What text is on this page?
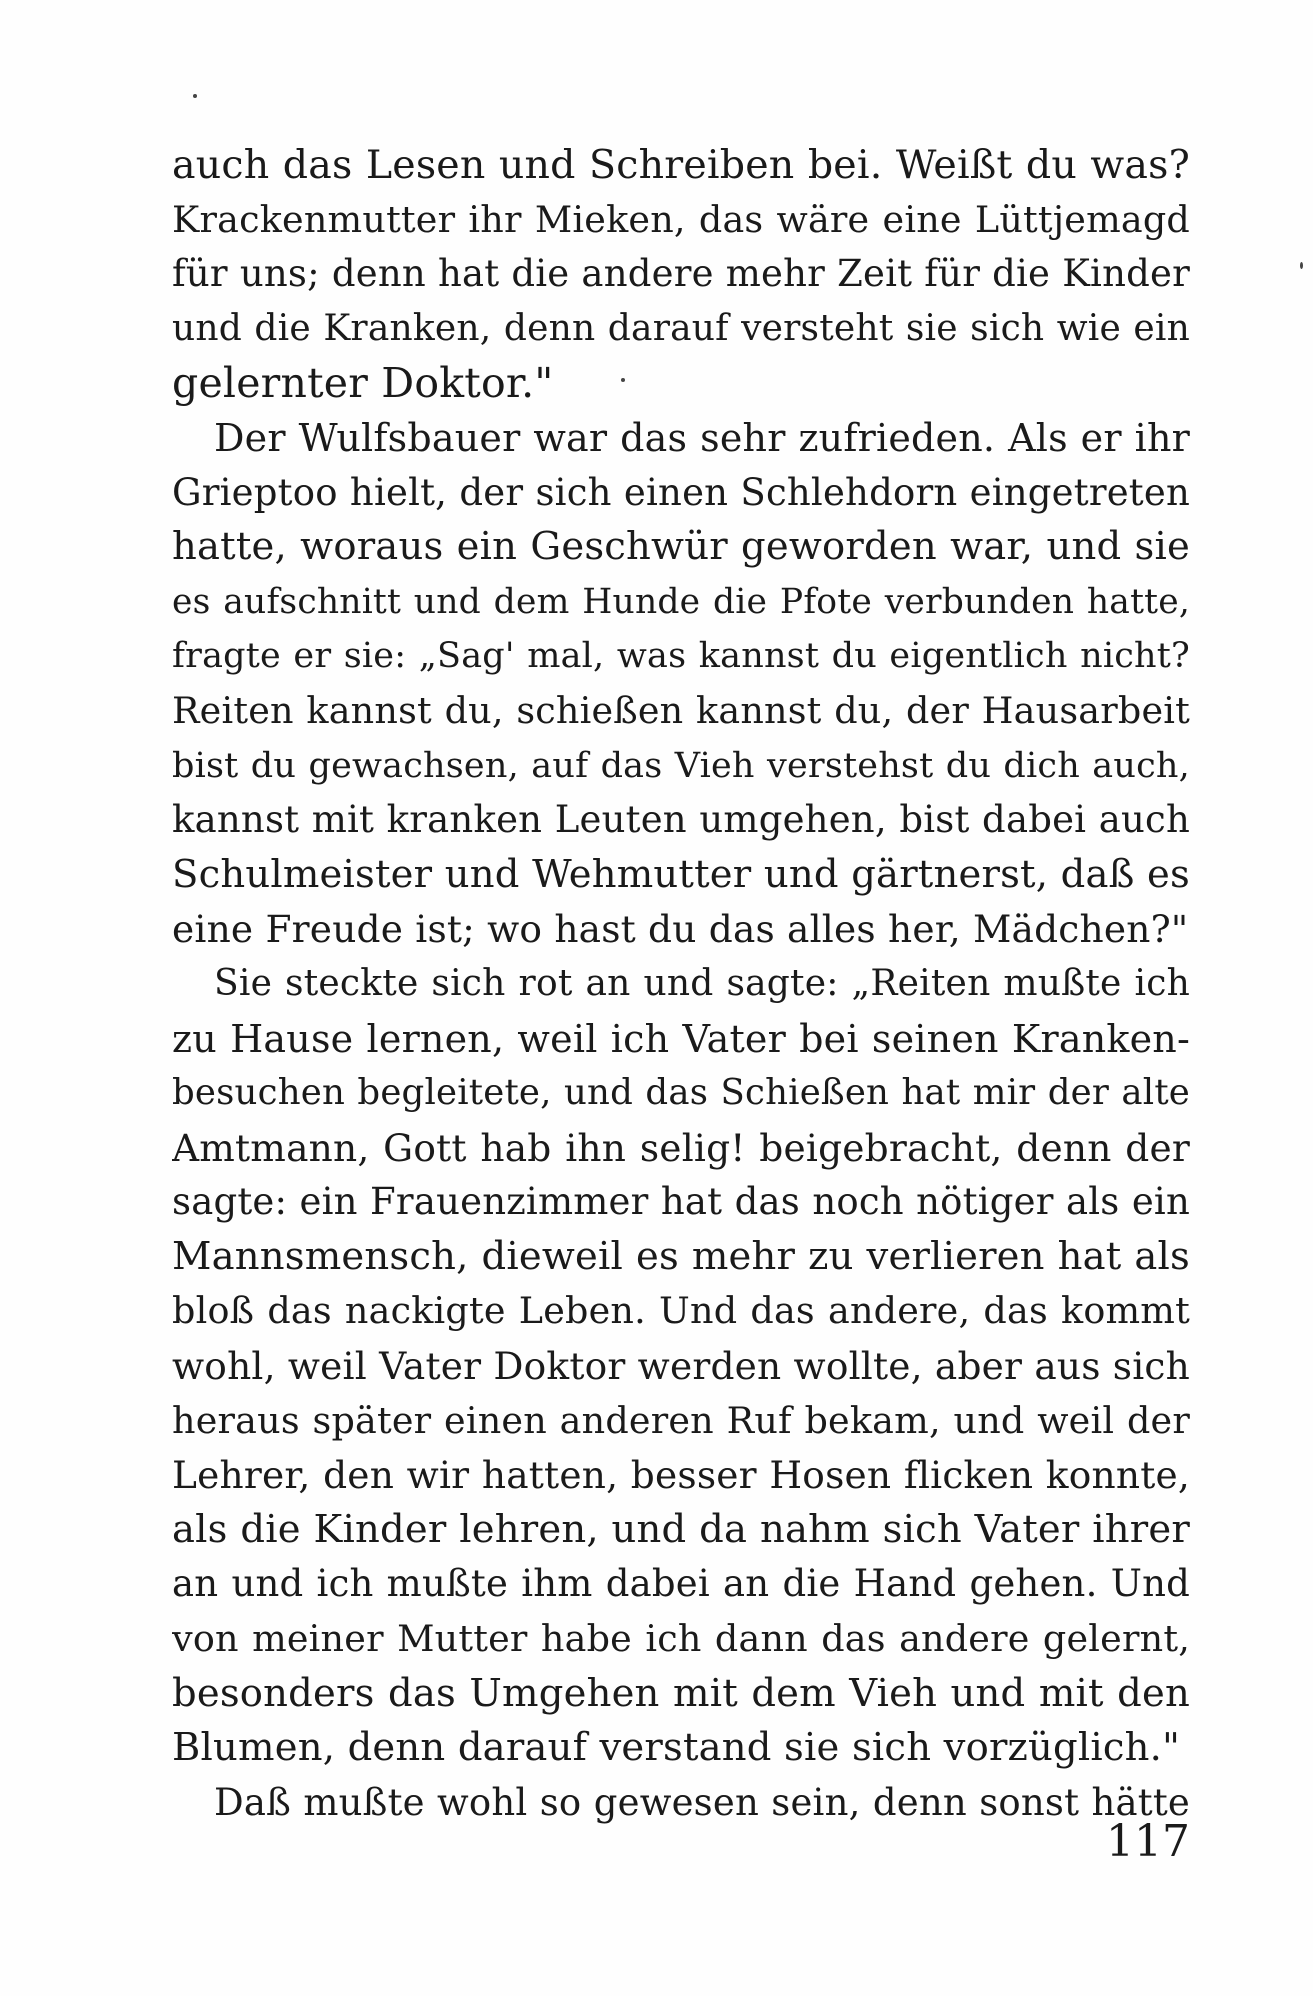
auch das Lesen und Schreiben bei. Weißt du was?
Krackenmutter ihr Mieken, das wäre eine Lüttjemagd
für uns; denn hat die andere mehr Zeit für die Kinder
und die Kranken, denn darauf versteht sie sich wie ein
gelernter Doktor."
Der Wulfsbauer war das sehr zufrieden. Als er ihr
Grieptoo hielt, der sich einen Schlehdorn eingetreten
hatte, woraus ein Geschwür geworden war, und sie
es aufschnitt und dem Hunde die Pfote verbunden hatte,
fragte er sie: „Sag' mal, was kannst du eigentlich nicht?
Reiten kannst du, schießen kannst du, der Hausarbeit
bist du gewachsen, auf das Vieh verstehst du dich auch,
kannst mit kranken Leuten umgehen, bist dabei auch
Schulmeister und Wehmutter und gärtnerst, daß es
eine Freude ist; wo hast du das alles her, Mädchen?"
Sie steckte sich rot an und sagte: „Reiten mußte ich
zu Hause lernen, weil ich Vater bei seinen Kranken-
besuchen begleitete, und das Schießen hat mir der alte
Amtmann, Gott hab ihn selig! beigebracht, denn der
sagte: ein Frauenzimmer hat das noch nötiger als ein
Mannsmensch, dieweil es mehr zu verlieren hat als
bloß das nackigte Leben. Und das andere, das kommt
wohl, weil Vater Doktor werden wollte, aber aus sich
heraus später einen anderen Ruf bekam, und weil der
Lehrer, den wir hatten, besser Hosen flicken konnte,
als die Kinder lehren, und da nahm sich Vater ihrer
an und ich mußte ihm dabei an die Hand gehen. Und
von meiner Mutter habe ich dann das andere gelernt,
besonders das Umgehen mit dem Vieh und mit den
Blumen, denn darauf verstand sie sich vorzüglich."
Daß mußte wohl so gewesen sein, denn sonst hätte
117
